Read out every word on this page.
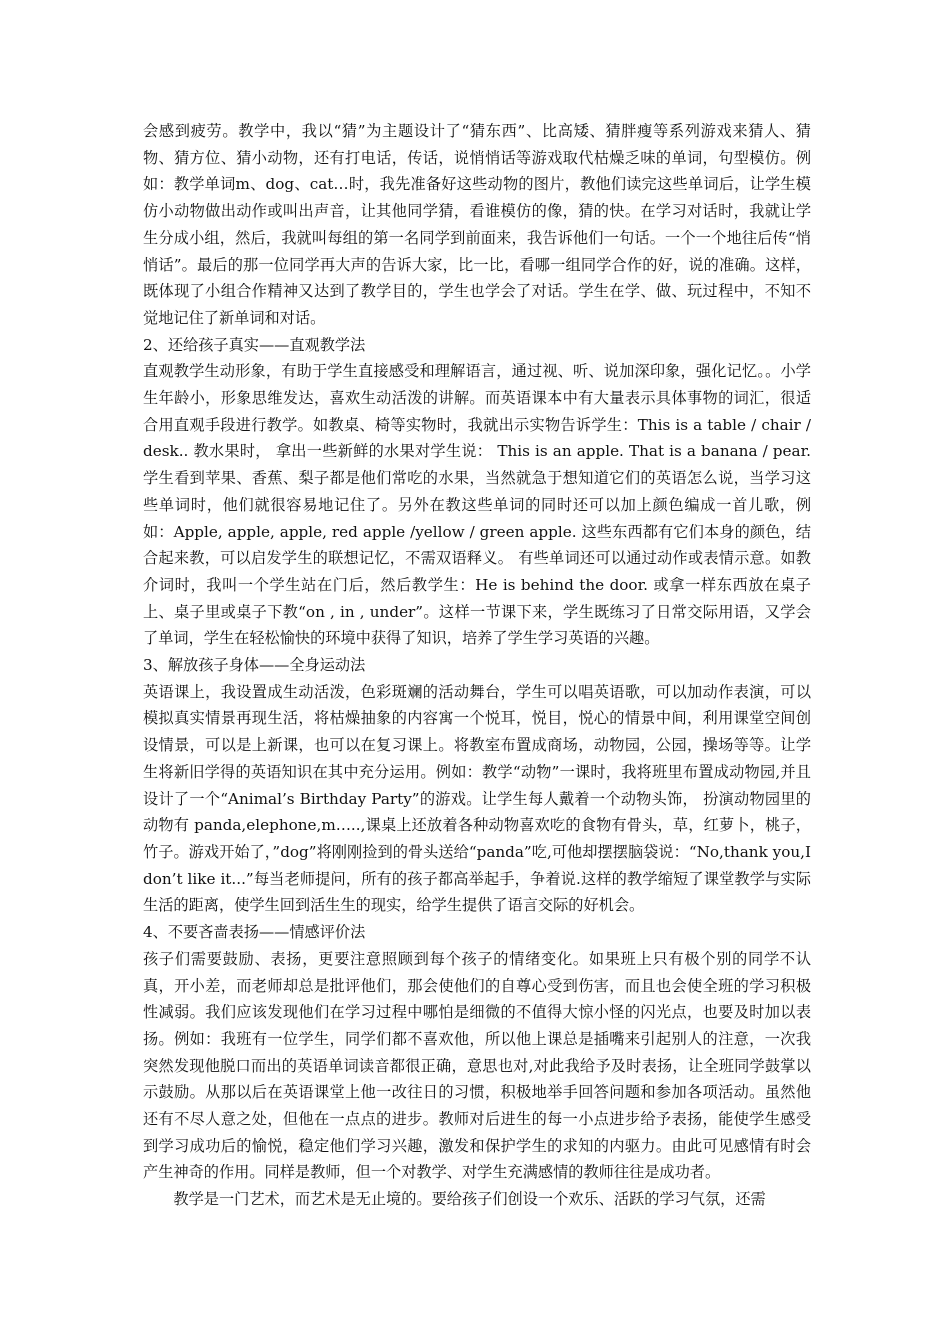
会感到疲劳。教学中，我以“猜”为主题设计了“猜东西”、比高矮、猜胖瘦等系列游戏来猜人、猜物、猜方位、猜小动物，还有打电话，传话，说悄悄话等游戏取代枯燥乏味的单词，句型模仿。例如：教学单词m、dog、cat…时，我先准备好这些动物的图片，教他们读完这些单词后，让学生模仿小动物做出动作或叫出声音，让其他同学猜，看谁模仿的像，猜的快。在学习对话时，我就让学生分成小组，然后，我就叫每组的第一名同学到前面来，我告诉他们一句话。一个一个地往后传“悄悄话”。最后的那一位同学再大声的告诉大家，比一比，看哪一组同学合作的好，说的准确。这样，既体现了小组合作精神又达到了教学目的，学生也学会了对话。学生在学、做、玩过程中，不知不觉地记住了新单词和对话。

2、还给孩子真实——直观教学法

直观教学生动形象，有助于学生直接感受和理解语言，通过视、听、说加深印象，强化记忆。。小学生年龄小，形象思维发达，喜欢生动活泼的讲解。而英语课本中有大量表示具体事物的词汇，很适合用直观手段进行教学。如教桌、椅等实物时，我就出示实物告诉学生：This is a table / chair / desk.. 教水果时， 拿出一些新鲜的水果对学生说： This is an apple. That is a banana / pear. 学生看到苹果、香蕉、梨子都是他们常吃的水果，当然就急于想知道它们的英语怎么说，当学习这些单词时，他们就很容易地记住了。另外在教这些单词的同时还可以加上颜色编成一首儿歌，例如：Apple, apple, apple, red apple /yellow / green apple. 这些东西都有它们本身的颜色，结合起来教，可以启发学生的联想记忆，不需双语释义。 有些单词还可以通过动作或表情示意。如教介词时，我叫一个学生站在门后，然后教学生：He is behind the door. 或拿一样东西放在桌子上、桌子里或桌子下教“on , in , under”。这样一节课下来，学生既练习了日常交际用语，又学会了单词，学生在轻松愉快的环境中获得了知识，培养了学生学习英语的兴趣。

3、解放孩子身体——全身运动法

英语课上，我设置成生动活泼，色彩斑斓的活动舞台，学生可以唱英语歌，可以加动作表演，可以模拟真实情景再现生活，将枯燥抽象的内容寓一个悦耳，悦目，悦心的情景中间，利用课堂空间创设情景，可以是上新课，也可以在复习课上。将教室布置成商场，动物园，公园，操场等等。让学生将新旧学得的英语知识在其中充分运用。例如：教学“动物”一课时，我将班里布置成动物园,并且设计了一个“Animal’s Birthday Party”的游戏。让学生每人戴着一个动物头饰， 扮演动物园里的动物有 panda,elephone,m…..,课桌上还放着各种动物喜欢吃的食物有骨头，草，红萝卜，桃子，竹子。游戏开始了，”dog”将刚刚捡到的骨头送给“panda”吃,可他却摆摆脑袋说：“No,thank you,I don’t like it...”每当老师提问，所有的孩子都高举起手，争着说.这样的教学缩短了课堂教学与实际生活的距离，使学生回到活生生的现实，给学生提供了语言交际的好机会。

4、不要吝啬表扬——情感评价法

孩子们需要鼓励、表扬，更要注意照顾到每个孩子的情绪变化。如果班上只有极个别的同学不认真，开小差，而老师却总是批评他们，那会使他们的自尊心受到伤害，而且也会使全班的学习积极性减弱。我们应该发现他们在学习过程中哪怕是细微的不值得大惊小怪的闪光点，也要及时加以表扬。例如：我班有一位学生，同学们都不喜欢他，所以他上课总是插嘴来引起别人的注意，一次我突然发现他脱口而出的英语单词读音都很正确，意思也对,对此我给予及时表扬，让全班同学鼓掌以示鼓励。从那以后在英语课堂上他一改往日的习惯，积极地举手回答问题和参加各项活动。虽然他还有不尽人意之处，但他在一点点的进步。教师对后进生的每一小点进步给予表扬，能使学生感受到学习成功后的愉悦，稳定他们学习兴趣，激发和保护学生的求知的内驱力。由此可见感情有时会产生神奇的作用。同样是教师，但一个对教学、对学生充满感情的教师往往是成功者。

教学是一门艺术，而艺术是无止境的。要给孩子们创设一个欢乐、活跃的学习气氛，还需
